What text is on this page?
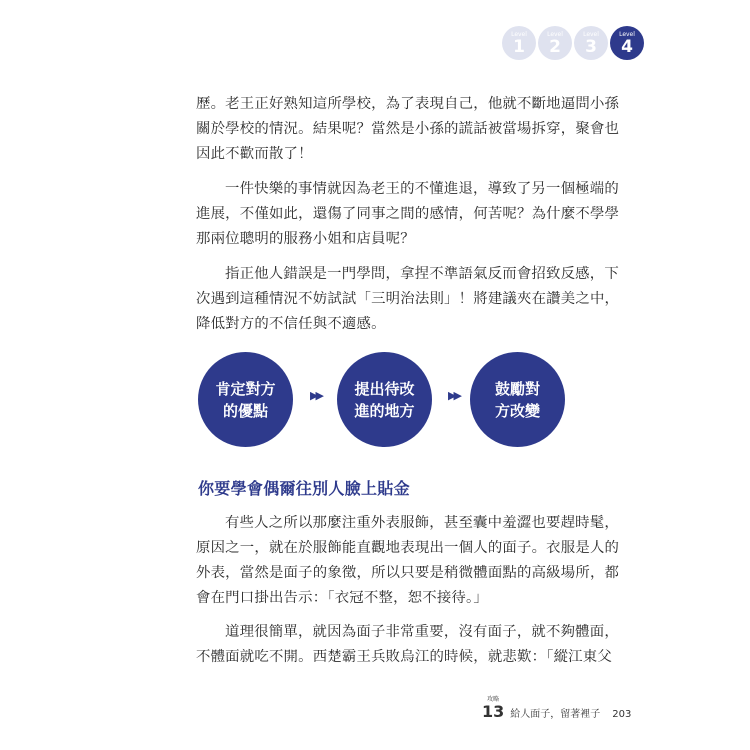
Level
1
Level
2
Level
3
Level
4

歷。老王正好熟知這所學校，為了表現自己，他就不斷地逼問小孫
關於學校的情況。結果呢？當然是小孫的謊話被當場拆穿，聚會也
因此不歡而散了！

一件快樂的事情就因為老王的不懂進退，導致了另一個極端的
進展，不僅如此，還傷了同事之間的感情，何苦呢？為什麼不學學
那兩位聰明的服務小姐和店員呢？

指正他人錯誤是一門學問，拿捏不準語氣反而會招致反感，下
次遇到這種情況不妨試試「三明治法則」！將建議夾在讚美之中，
降低對方的不信任與不適感。

肯定對方
的優點
▶▶ 提出待改
進的地方
▶▶ 鼓勵對
方改變
你要學會偶爾往別人臉上貼金

有些人之所以那麼注重外表服飾，甚至囊中羞澀也要趕時髦，
原因之一，就在於服飾能直觀地表現出一個人的面子。衣服是人的
外表，當然是面子的象徵，所以只要是稍微體面點的高級場所，都
會在門口掛出告示：「衣冠不整，恕不接待。」

道理很簡單，就因為面子非常重要，沒有面子，就不夠體面，
不體面就吃不開。西楚霸王兵敗烏江的時候，就悲歎：「縱江東父

攻略
13 給人面子，留著裡子 203
